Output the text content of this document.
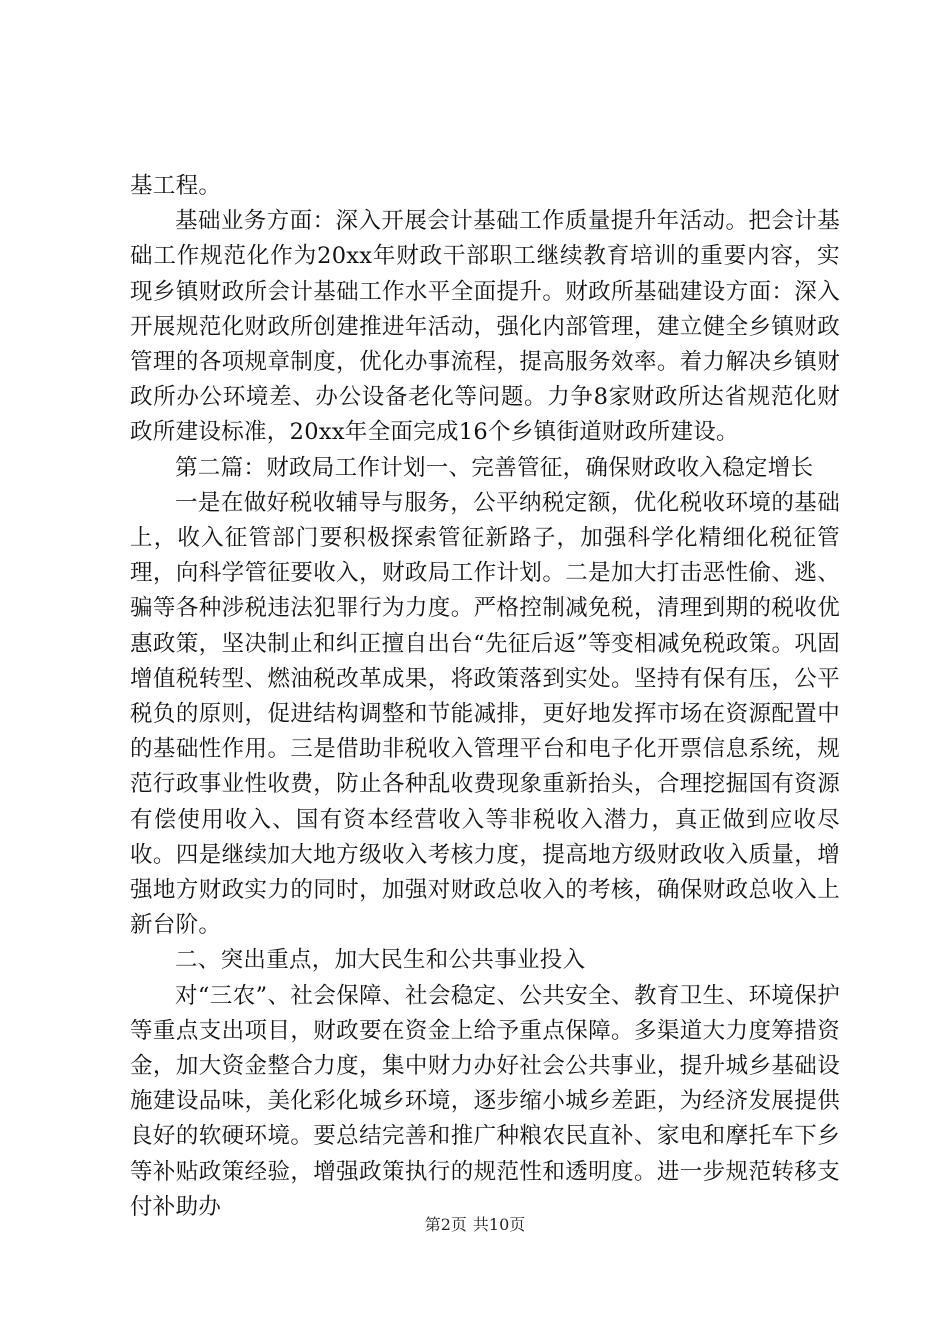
基工程。

基础业务方面：深入开展会计基础工作质量提升年活动。把会计基础工作规范化作为20xx年财政干部职工继续教育培训的重要内容，实现乡镇财政所会计基础工作水平全面提升。财政所基础建设方面：深入开展规范化财政所创建推进年活动，强化内部管理，建立健全乡镇财政管理的各项规章制度，优化办事流程，提高服务效率。着力解决乡镇财政所办公环境差、办公设备老化等问题。力争8家财政所达省规范化财政所建设标准，20xx年全面完成16个乡镇街道财政所建设。

第二篇：财政局工作计划一、完善管征，确保财政收入稳定增长

一是在做好税收辅导与服务，公平纳税定额，优化税收环境的基础上，收入征管部门要积极探索管征新路子，加强科学化精细化税征管理，向科学管征要收入，财政局工作计划。二是加大打击恶性偷、逃、骗等各种涉税违法犯罪行为力度。严格控制减免税，清理到期的税收优惠政策，坚决制止和纠正擅自出台“先征后返”等变相减免税政策。巩固增值税转型、燃油税改革成果，将政策落到实处。坚持有保有压，公平税负的原则，促进结构调整和节能减排，更好地发挥市场在资源配置中的基础性作用。三是借助非税收入管理平台和电子化开票信息系统，规范行政事业性收费，防止各种乱收费现象重新抬头，合理挖掘国有资源有偿使用收入、国有资本经营收入等非税收入潜力，真正做到应收尽收。四是继续加大地方级收入考核力度，提高地方级财政收入质量，增强地方财政实力的同时，加强对财政总收入的考核，确保财政总收入上新台阶。

二、突出重点，加大民生和公共事业投入

对“三农”、社会保障、社会稳定、公共安全、教育卫生、环境保护等重点支出项目，财政要在资金上给予重点保障。多渠道大力度筹措资金，加大资金整合力度，集中财力办好社会公共事业，提升城乡基础设施建设品味，美化彩化城乡环境，逐步缩小城乡差距，为经济发展提供良好的软硬环境。要总结完善和推广种粮农民直补、家电和摩托车下乡等补贴政策经验，增强政策执行的规范性和透明度。进一步规范转移支付补助办

第2页 共10页
